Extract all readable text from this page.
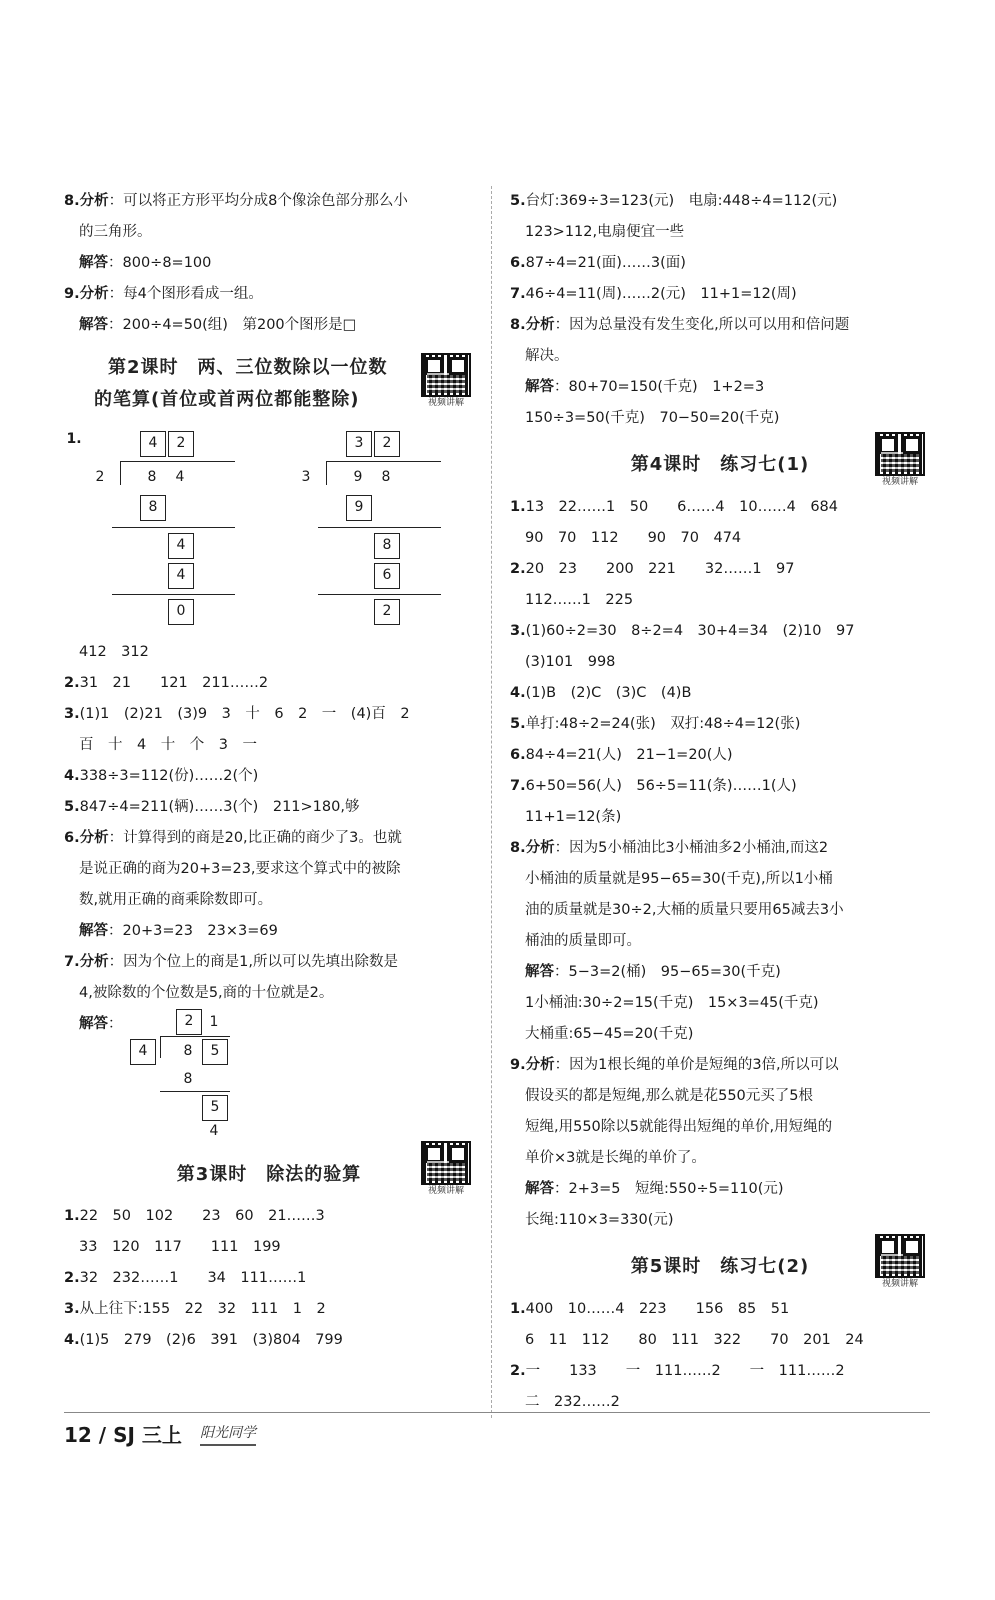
8.分析：可以将正方形平均分成8个像涂色部分那么小
的三角形。
解答：800÷8=100
9.分析：每4个图形看成一组。
解答：200÷4=50(组)　第200个图形是□
第2课时　两、三位数除以一位数
的笔算(首位或首两位都能整除)	视频讲解
1.	4	2
2	8	4
8
4
4
0
3	2
3	9	8
9
8
6
2
412　312
2.31　21　　121　211……2
3.(1)1　(2)21　(3)9　3　十　6　2　一　(4)百　2
百　十　4　十　个　3　一
4.338÷3=112(份)……2(个)
5.847÷4=211(辆)……3(个)　211>180,够
6.分析：计算得到的商是20,比正确的商少了3。也就
是说正确的商为20+3=23,要求这个算式中的被除
数,就用正确的商乘除数即可。
解答：20+3=23　23×3=69
7.分析：因为个位上的商是1,所以可以先填出除数是
4,被除数的个位数是5,商的十位就是2。
解答：	2	1
4	8	5
8
5
4
第3课时　除法的验算
视频讲解
1.22　50　102　　23　60　21……3
33　120　117　　111　199
2.32　232……1　　34　111……1
3.从上往下:155　22　32　111　1　2
4.(1)5　279　(2)6　391　(3)804　799
5.台灯:369÷3=123(元)　电扇:448÷4=112(元)
123>112,电扇便宜一些
6.87÷4=21(面)……3(面)
7.46÷4=11(周)……2(元)　11+1=12(周)
8.分析：因为总量没有发生变化,所以可以用和倍问题
解决。
解答：80+70=150(千克)　1+2=3
150÷3=50(千克)　70−50=20(千克)
第4课时　练习七(1)
视频讲解
1.13　22……1　50　　6……4　10……4　684
90　70　112　　90　70　474
2.20　23　　200　221　　32……1　97
112……1　225
3.(1)60÷2=30　8÷2=4　30+4=34　(2)10　97
(3)101　998
4.(1)B　(2)C　(3)C　(4)B
5.单打:48÷2=24(张)　双打:48÷4=12(张)
6.84÷4=21(人)　21−1=20(人)
7.6+50=56(人)　56÷5=11(条)……1(人)
11+1=12(条)
8.分析：因为5小桶油比3小桶油多2小桶油,而这2
小桶油的质量就是95−65=30(千克),所以1小桶
油的质量就是30÷2,大桶的质量只要用65减去3小
桶油的质量即可。
解答：5−3=2(桶)　95−65=30(千克)
1小桶油:30÷2=15(千克)　15×3=45(千克)
大桶重:65−45=20(千克)
9.分析：因为1根长绳的单价是短绳的3倍,所以可以
假设买的都是短绳,那么就是花550元买了5根
短绳,用550除以5就能得出短绳的单价,用短绳的
单价×3就是长绳的单价了。
解答：2+3=5　短绳:550÷5=110(元)
长绳:110×3=330(元)
第5课时　练习七(2)
视频讲解
1.400　10……4　223　　156　85　51
6　11　112　　80　111　322　　70　201　24
2.一　　133　　一　111……2　　一　111……2
二　232……2
12 / SJ 三上 阳光同学
